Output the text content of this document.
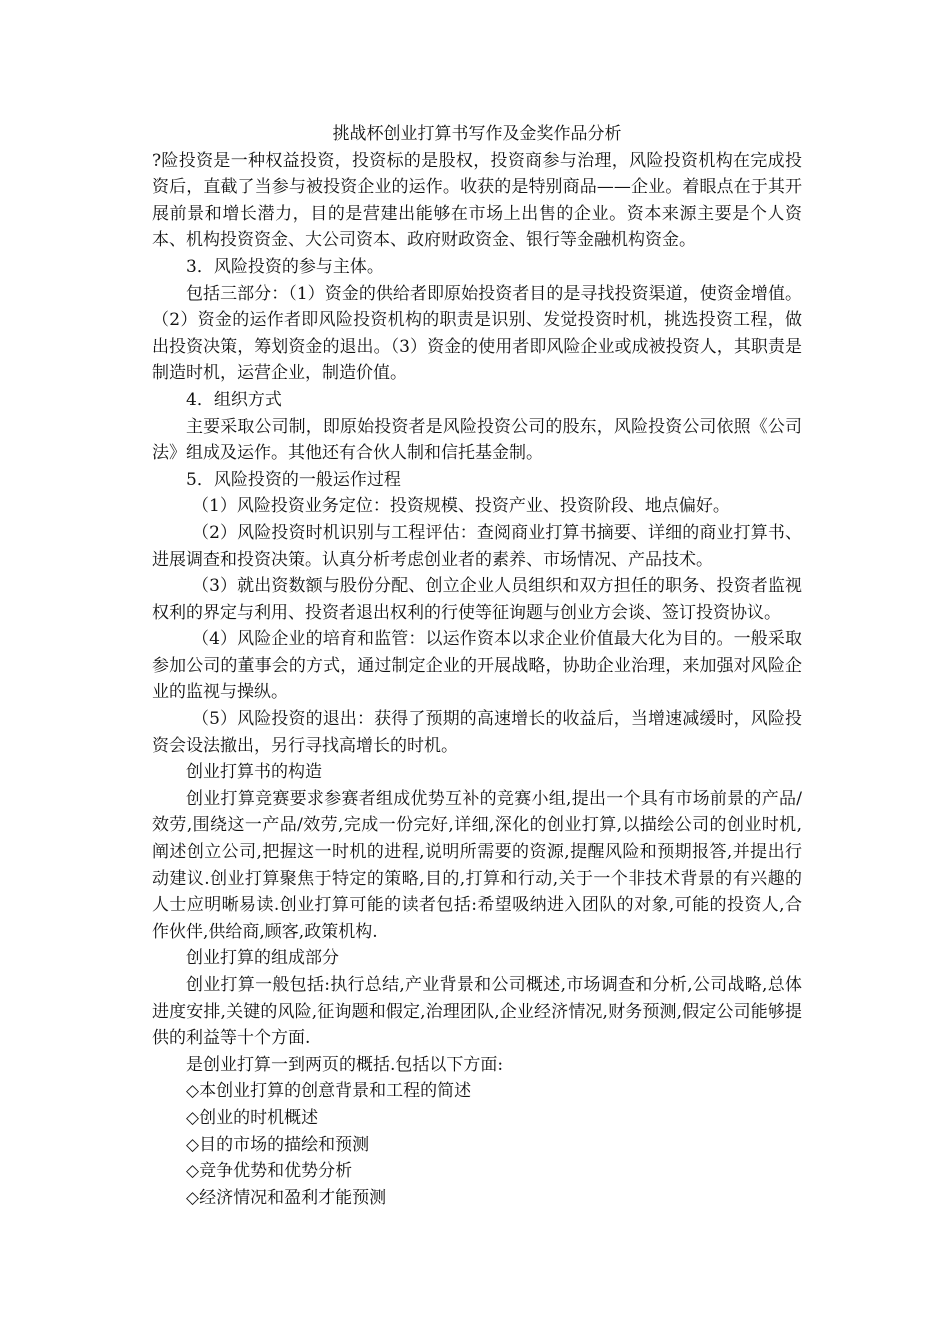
挑战杯创业打算书写作及金奖作品分析

?险投资是一种权益投资，投资标的是股权，投资商参与治理，风险投资机构在完成投资后，直截了当参与被投资企业的运作。收获的是特别商品——企业。着眼点在于其开展前景和增长潜力，目的是营建出能够在市场上出售的企业。资本来源主要是个人资本、机构投资资金、大公司资本、政府财政资金、银行等金融机构资金。

3．风险投资的参与主体。

包括三部分：（1）资金的供给者即原始投资者目的是寻找投资渠道，使资金增值。（2）资金的运作者即风险投资机构的职责是识别、发觉投资时机，挑选投资工程，做出投资决策，筹划资金的退出。（3）资金的使用者即风险企业或成被投资人，其职责是制造时机，运营企业，制造价值。

4．组织方式

主要采取公司制，即原始投资者是风险投资公司的股东，风险投资公司依照《公司法》组成及运作。其他还有合伙人制和信托基金制。

5．风险投资的一般运作过程

（1）风险投资业务定位：投资规模、投资产业、投资阶段、地点偏好。

（2）风险投资时机识别与工程评估：查阅商业打算书摘要、详细的商业打算书、进展调查和投资决策。认真分析考虑创业者的素养、市场情况、产品技术。

（3）就出资数额与股份分配、创立企业人员组织和双方担任的职务、投资者监视权利的界定与利用、投资者退出权利的行使等征询题与创业方会谈、签订投资协议。

（4）风险企业的培育和监管：以运作资本以求企业价值最大化为目的。一般采取参加公司的董事会的方式，通过制定企业的开展战略，协助企业治理，来加强对风险企业的监视与操纵。

（5）风险投资的退出：获得了预期的高速增长的收益后，当增速减缓时，风险投资会设法撤出，另行寻找高增长的时机。

创业打算书的构造

创业打算竞赛要求参赛者组成优势互补的竞赛小组,提出一个具有市场前景的产品/效劳,围绕这一产品/效劳,完成一份完好,详细,深化的创业打算,以描绘公司的创业时机,阐述创立公司,把握这一时机的进程,说明所需要的资源,提醒风险和预期报答,并提出行动建议.创业打算聚焦于特定的策略,目的,打算和行动,关于一个非技术背景的有兴趣的人士应明晰易读.创业打算可能的读者包括:希望吸纳进入团队的对象,可能的投资人,合作伙伴,供给商,顾客,政策机构.

创业打算的组成部分

创业打算一般包括:执行总结,产业背景和公司概述,市场调查和分析,公司战略,总体进度安排,关键的风险,征询题和假定,治理团队,企业经济情况,财务预测,假定公司能够提供的利益等十个方面.

是创业打算一到两页的概括.包括以下方面:

◇本创业打算的创意背景和工程的简述

◇创业的时机概述

◇目的市场的描绘和预测

◇竞争优势和优势分析

◇经济情况和盈利才能预测
